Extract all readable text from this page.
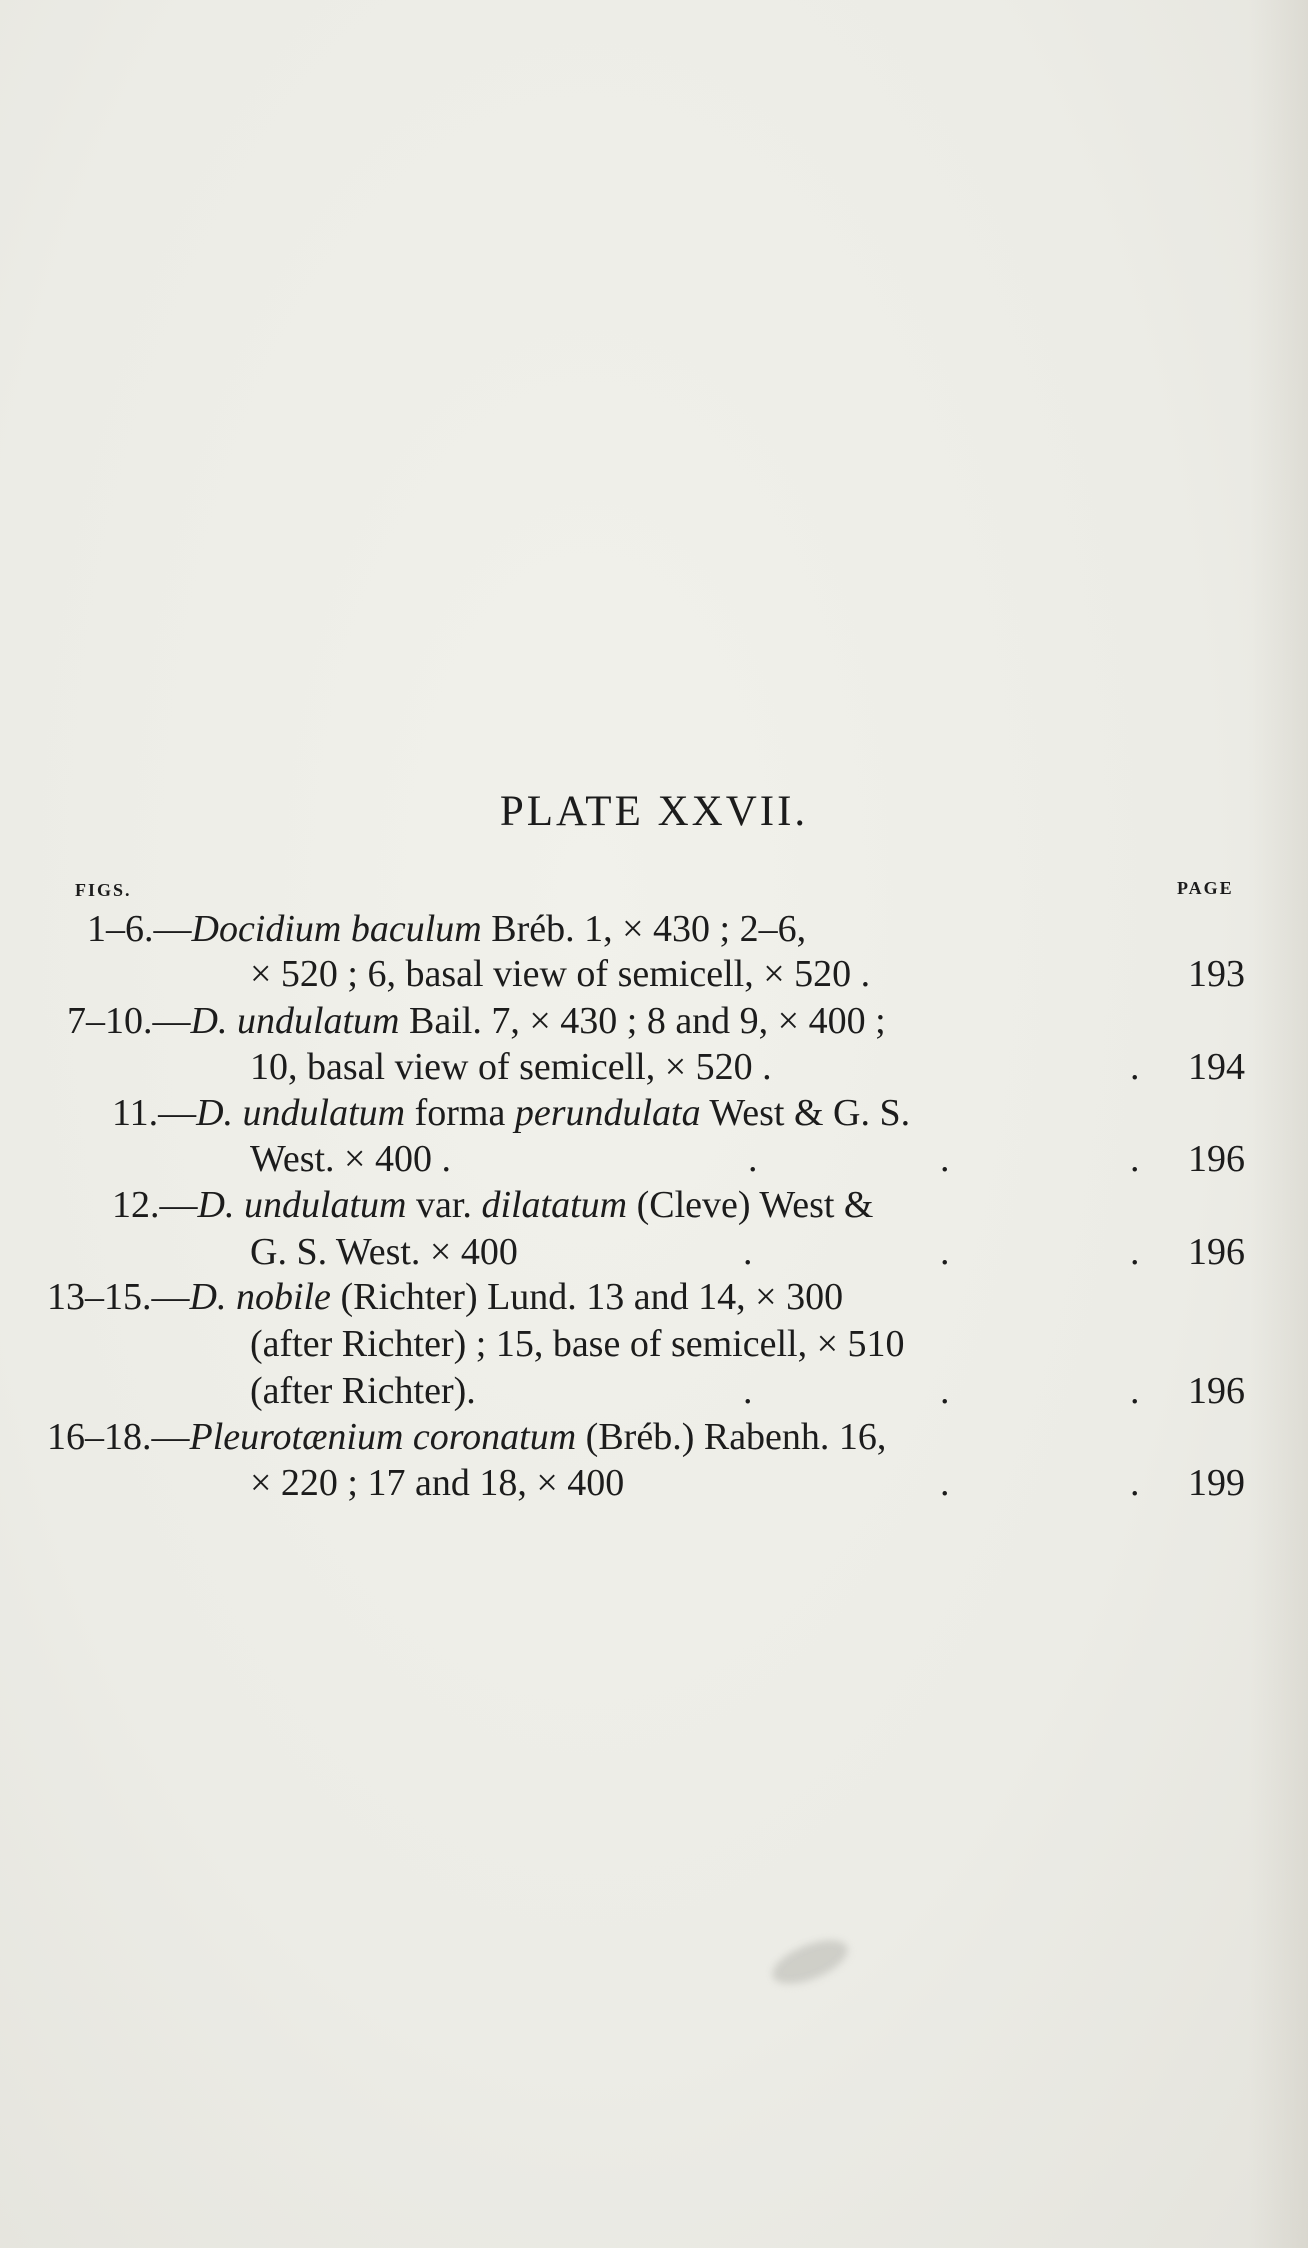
PLATE XXVII.
FIGS.	PAGE
1–6.—Docidium baculum Bréb. 1, × 430 ; 2–6,
× 520 ; 6, basal view of semicell, × 520 .	193
7–10.—D. undulatum Bail. 7, × 430 ; 8 and 9, × 400 ;
10, basal view of semicell, × 520 .	. 194
11.—D. undulatum forma perundulata West & G. S.
West. × 400 .	.	.	. 196
12.—D. undulatum var. dilatatum (Cleve) West &
G. S. West. × 400	.	.	. 196
13–15.—D. nobile (Richter) Lund. 13 and 14, × 300
(after Richter) ; 15, base of semicell, × 510
(after Richter).	.	.	. 196
16–18.—Pleurotænium coronatum (Bréb.) Rabenh. 16,
× 220 ; 17 and 18, × 400	.	. 199
